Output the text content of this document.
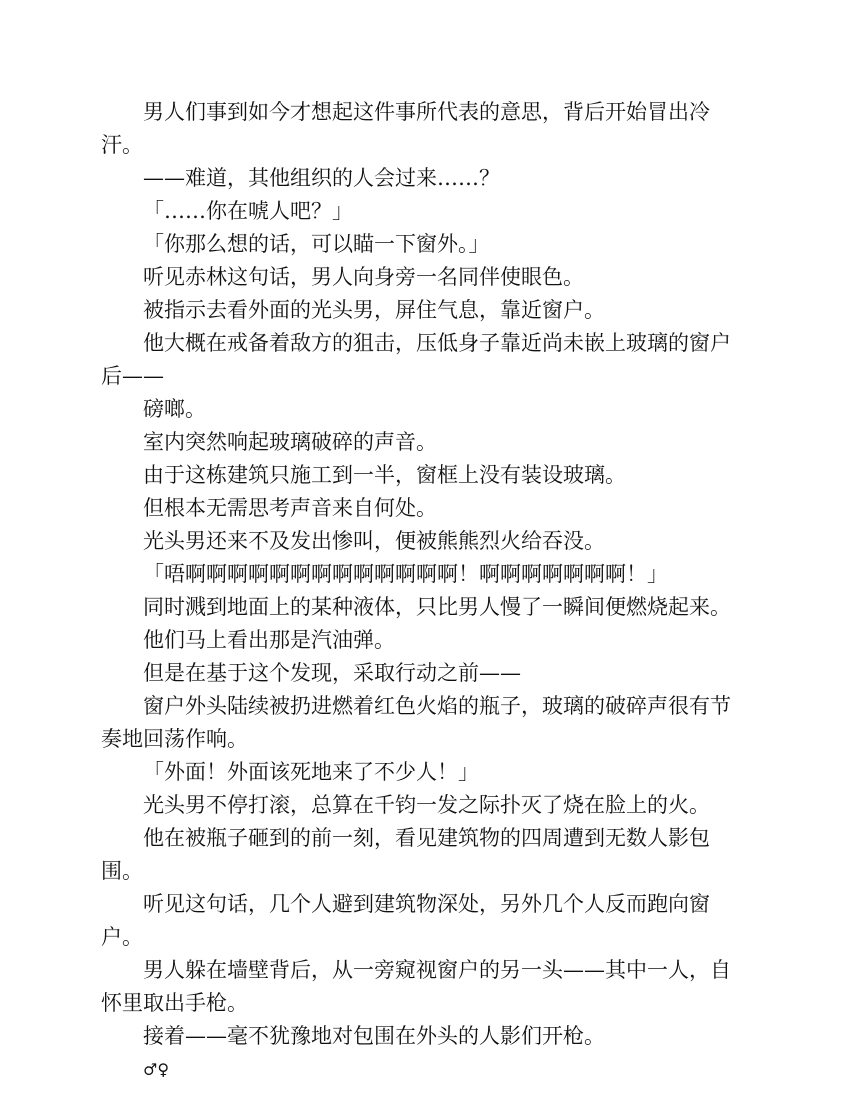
男人们事到如今才想起这件事所代表的意思，背后开始冒出冷汗。

——难道，其他组织的人会过来……？

「……你在唬人吧？」

「你那么想的话，可以瞄一下窗外。」

听见赤林这句话，男人向身旁一名同伴使眼色。

被指示去看外面的光头男，屏住气息，靠近窗户。

他大概在戒备着敌方的狙击，压低身子靠近尚未嵌上玻璃的窗户后——

磅啷。

室内突然响起玻璃破碎的声音。

由于这栋建筑只施工到一半，窗框上没有装设玻璃。

但根本无需思考声音来自何处。

光头男还来不及发出惨叫，便被熊熊烈火给吞没。

「唔啊啊啊啊啊啊啊啊啊啊啊啊啊！啊啊啊啊啊啊啊！」

同时溅到地面上的某种液体，只比男人慢了一瞬间便燃烧起来。

他们马上看出那是汽油弹。

但是在基于这个发现，采取行动之前——

窗户外头陆续被扔进燃着红色火焰的瓶子，玻璃的破碎声很有节奏地回荡作响。

「外面！外面该死地来了不少人！」

光头男不停打滚，总算在千钧一发之际扑灭了烧在脸上的火。

他在被瓶子砸到的前一刻，看见建筑物的四周遭到无数人影包围。

听见这句话，几个人避到建筑物深处，另外几个人反而跑向窗户。

男人躲在墙壁背后，从一旁窥视窗户的另一头——其中一人，自怀里取出手枪。

接着——毫不犹豫地对包围在外头的人影们开枪。

♂♀
